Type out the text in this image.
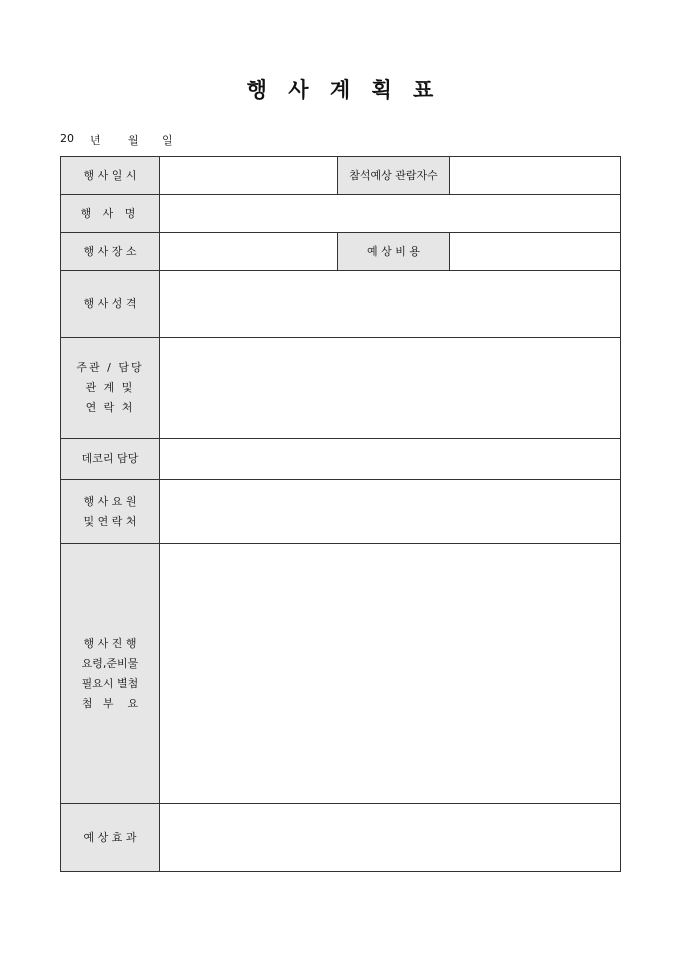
행 사 계 획 표
20	년	월	일
행 사 일 시		참석예상 관람자수	
행 사 명			
행 사 장 소		예 상 비 용	
행 사 성 격			

주관 / 담당
관 계 및
연 락 처			

데코리 담당			

행 사 요 원
및 연 락 처			

행 사 진 행
요령,준비물
필요시 별첨
첨   부    요			

예 상 효 과			
